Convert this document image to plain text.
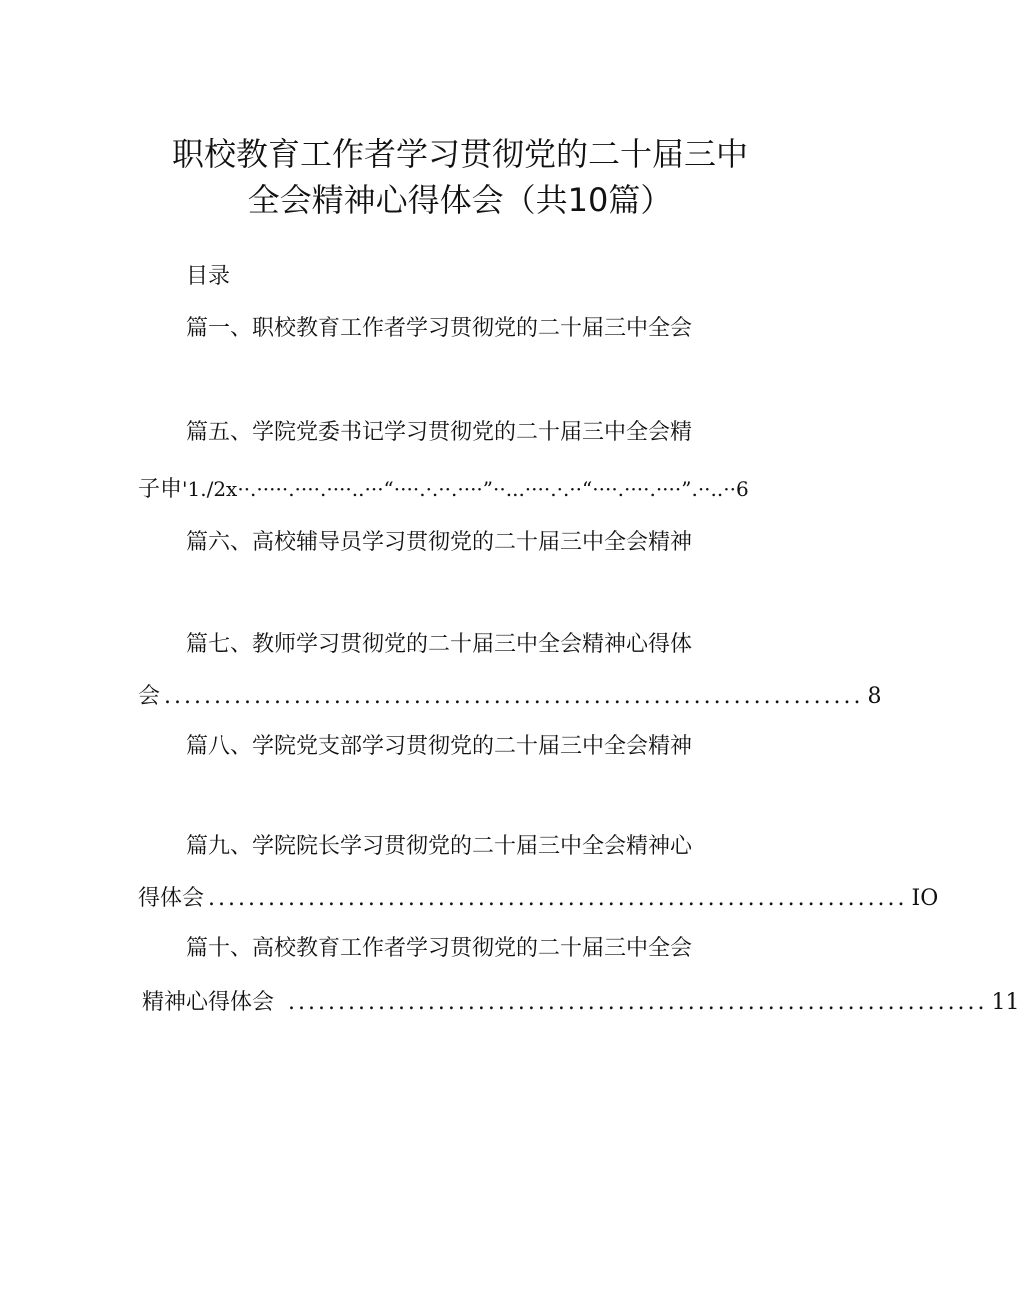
职校教育工作者学习贯彻党的二十届三中
全会精神心得体会（共10篇）
目录
篇一、职校教育工作者学习贯彻党的二十届三中全会
篇五、学院党委书记学习贯彻党的二十届三中全会精
子申'1./2x··.·····.····.····..···“····.·.··.····”··...····.·.··“····.····.····”.··..··6
篇六、高校辅导员学习贯彻党的二十届三中全会精神
篇七、教师学习贯彻党的二十届三中全会精神心得体
会 ...................................................................... 8
篇八、学院党支部学习贯彻党的二十届三中全会精神
篇九、学院院长学习贯彻党的二十届三中全会精神心
得体会 ...................................................................... IO
篇十、高校教育工作者学习贯彻党的二十届三中全会
精神心得体会 ...................................................................... 11
